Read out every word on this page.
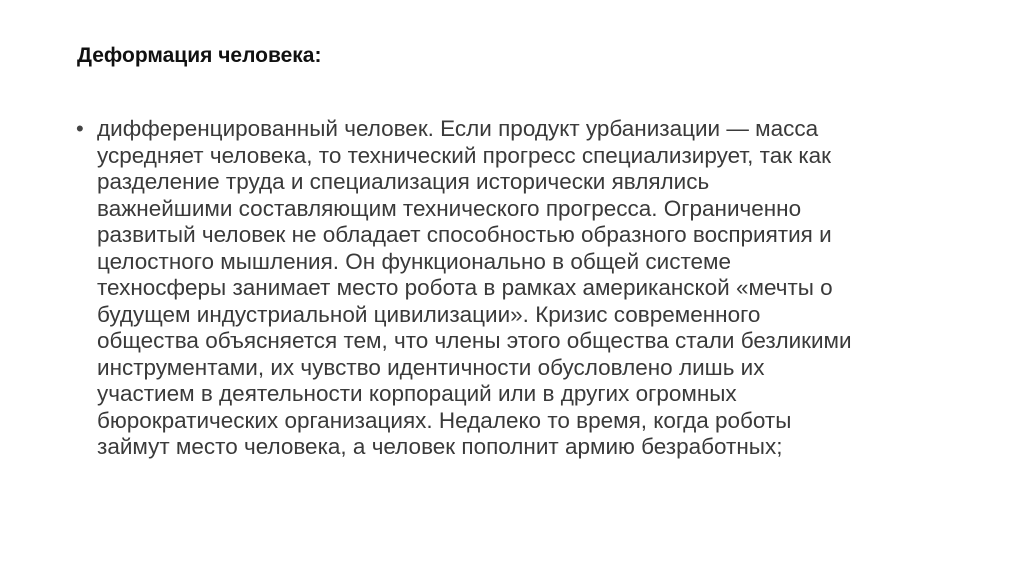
Деформация человека:
• дифференцированный человек. Если продукт урбанизации — масса
усредняет человека, то технический прогресс специализирует, так как
разделение труда и специализация исторически являлись
важнейшими составляющим технического прогресса. Ограниченно
развитый человек не обладает способностью образного восприятия и
целостного мышления. Он функционально в общей системе
техносферы занимает место робота в рамках американской «мечты о
будущем индустриальной цивилизации». Кризис современного
общества объясняется тем, что члены этого общества стали безликими
инструментами, их чувство идентичности обусловлено лишь их
участием в деятельности корпораций или в других огромных
бюрократических организациях. Недалеко то время, когда роботы
займут место человека, а человек пополнит армию безработных;
